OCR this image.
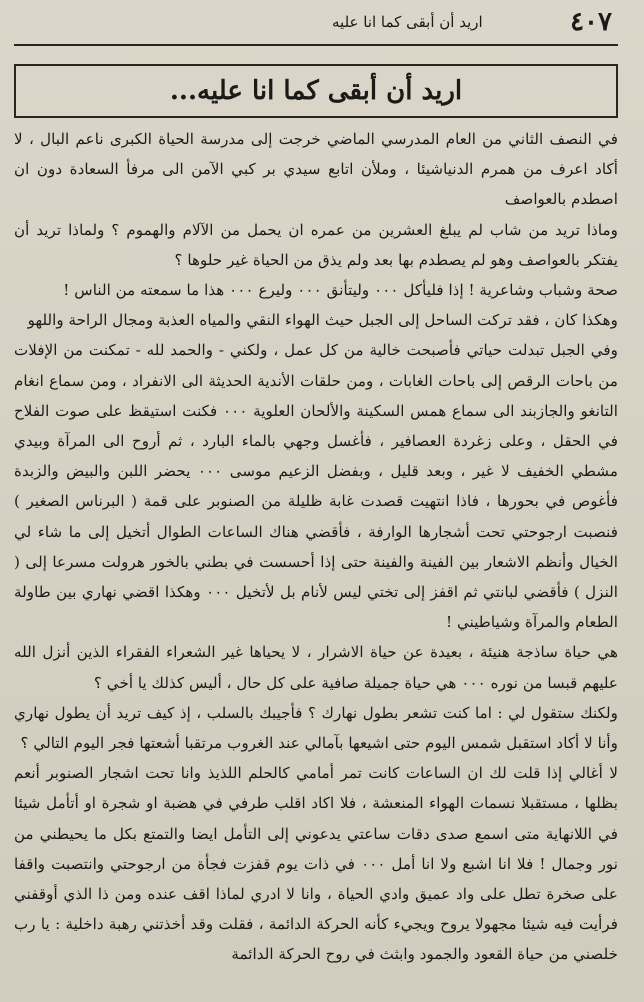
٤٠٧
اريد أن أبقى كما انا عليه
اريد أن أبقى كما انا عليه...

في النصف الثاني من العام المدرسي الماضي خرجت إلى مدرسة الحياة الكبرى ناعم البال ، لا أكاد اعرف من همرم الدنياشيئا ، وملأن اتابع سيدي بر كبي الآمن الى مرفأ السعادة دون ان اصطدم بالعواصف

وماذا تريد من شاب لم يبلغ العشرين من عمره ان يحمل من الآلام والهموم ؟ ولماذا تريد أن يفتكر بالعواصف وهو لم يصطدم بها بعد ولم يذق من الحياة غير حلوها ؟

صحة وشباب وشاعرية ! إذا فليأكل ٠٠٠ وليتأنق ٠٠٠ وليرع ٠٠٠ هذا ما سمعته من الناس !

وهكذا كان ، فقد تركت الساحل إلى الجبل حيث الهواء النقي والمياه العذبة ومجال الراحة واللهو

وفي الجبل تبدلت حياتي فأصبحت خالية من كل عمل ، ولكني - والحمد لله - تمكنت من الإفلات من باحات الرقص إلى باحات الغابات ، ومن حلقات الأندية الحديثة الى الانفراد ، ومن سماع انغام التانغو والجازبند الى سماع همس السكينة والألحان العلوية ٠٠٠ فكنت استيقظ على صوت الفلاح في الحقل ، وعلى زغردة العصافير ، فأغسل وجهي بالماء البارد ، ثم أروح الى المرآة وبيدي مشطي الخفيف لا غير ، وبعد قليل ، وبفضل الزعيم موسى ٠٠٠ يحضر اللبن والبيض والزبدة فأغوص في بحورها ، فاذا انتهيت قصدت غابة ظليلة من الصنوبر على قمة ( البرناس الصغير ) فنصبت ارجوحتي تحت أشجارها الوارفة ، فأقضي هناك الساعات الطوال أتخيل إلى ما شاء لي الخيال وأنظم الاشعار بين الفينة والفينة حتى إذا أحسست في بطني بالخور هرولت مسرعا إلى ( النزل ) فأقضي لبانتي ثم اقفز إلى تختي ليس لأنام بل لأتخيل ٠٠٠ وهكذا اقضي نهاري بين طاولة الطعام والمرآة وشياطيني !

هي حياة ساذجة هنيئة ، بعيدة عن حياة الاشرار ، لا يحياها غير الشعراء الفقراء الذين أنزل الله عليهم قبسا من نوره ٠٠٠ هي حياة جميلة صافية على كل حال ، أليس كذلك يا أخي ؟

ولكنك ستقول لي : اما كنت تشعر بطول نهارك ؟ فأجيبك بالسلب ، إذ كيف تريد أن يطول نهاري وأنا لا أكاد استقبل شمس اليوم حتى اشيعها بآمالي عند الغروب مرتقبا أشعتها فجر اليوم التالي ؟

لا أغالي إذا قلت لك ان الساعات كانت تمر أمامي كالحلم اللذيذ وانا تحت اشجار الصنوبر أنعم بظلها ، مستقبلا نسمات الهواء المنعشة ، فلا اكاد اقلب طرفي في هضبة او شجرة او أتأمل شيئا في اللانهاية متى اسمع صدى دقات ساعتي يدعوني إلى التأمل ايضا والتمتع بكل ما يحيطني من نور وجمال ! فلا انا اشبع ولا انا أمل ٠٠٠ في ذات يوم قفزت فجأة من ارجوحتي وانتصبت واقفا على صخرة تطل على واد عميق وادي الحياة ، وانا لا ادري لماذا اقف عنده ومن ذا الذي أوقفني فرأيت فيه شيئا مجهولا يروح ويجيء كأنه الحركة الدائمة ، فقلت وقد أخذتني رهبة داخلية : يا رب خلصني من حياة القعود والجمود وابثث في روح الحركة الدائمة
